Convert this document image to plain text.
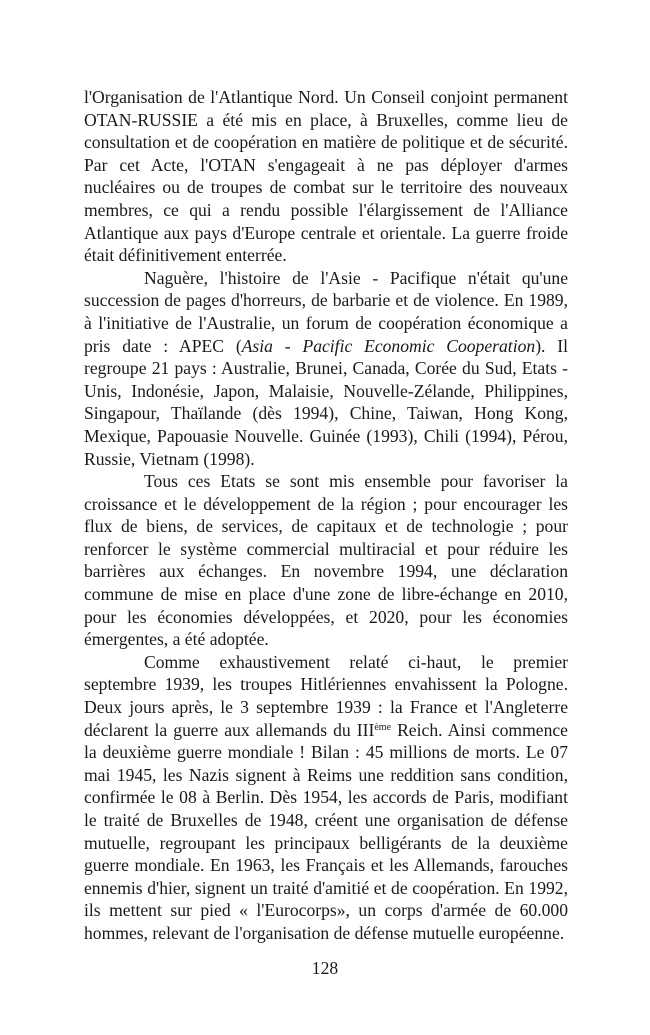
l'Organisation de l'Atlantique Nord. Un Conseil conjoint permanent OTAN-RUSSIE a été mis en place, à Bruxelles, comme lieu de consultation et de coopération en matière de politique et de sécurité. Par cet Acte, l'OTAN s'engageait à ne pas déployer d'armes nucléaires ou de troupes de combat sur le territoire des nouveaux membres, ce qui a rendu possible l'élargissement de l'Alliance Atlantique aux pays d'Europe centrale et orientale. La guerre froide était définitivement enterrée.

Naguère, l'histoire de l'Asie - Pacifique n'était qu'une succession de pages d'horreurs, de barbarie et de violence. En 1989, à l'initiative de l'Australie, un forum de coopération économique a pris date : APEC (Asia - Pacific Economic Cooperation). Il regroupe 21 pays : Australie, Brunei, Canada, Corée du Sud, Etats - Unis, Indonésie, Japon, Malaisie, Nouvelle-Zélande, Philippines, Singapour, Thaïlande (dès 1994), Chine, Taiwan, Hong Kong, Mexique, Papouasie Nouvelle. Guinée (1993), Chili (1994), Pérou, Russie, Vietnam (1998).

Tous ces Etats se sont mis ensemble pour favoriser la croissance et le développement de la région ; pour encourager les flux de biens, de services, de capitaux et de technologie ; pour renforcer le système commercial multiracial et pour réduire les barrières aux échanges. En novembre 1994, une déclaration commune de mise en place d'une zone de libre-échange en 2010, pour les économies développées, et 2020, pour les économies émergentes, a été adoptée.

Comme exhaustivement relaté ci-haut, le premier septembre 1939, les troupes Hitlériennes envahissent la Pologne. Deux jours après, le 3 septembre 1939 : la France et l'Angleterre déclarent la guerre aux allemands du IIIème Reich. Ainsi commence la deuxième guerre mondiale ! Bilan : 45 millions de morts. Le 07 mai 1945, les Nazis signent à Reims une reddition sans condition, confirmée le 08 à Berlin. Dès 1954, les accords de Paris, modifiant le traité de Bruxelles de 1948, créent une organisation de défense mutuelle, regroupant les principaux belligérants de la deuxième guerre mondiale. En 1963, les Français et les Allemands, farouches ennemis d'hier, signent un traité d'amitié et de coopération. En 1992, ils mettent sur pied « l'Eurocorps», un corps d'armée de 60.000 hommes, relevant de l'organisation de défense mutuelle européenne.

128
